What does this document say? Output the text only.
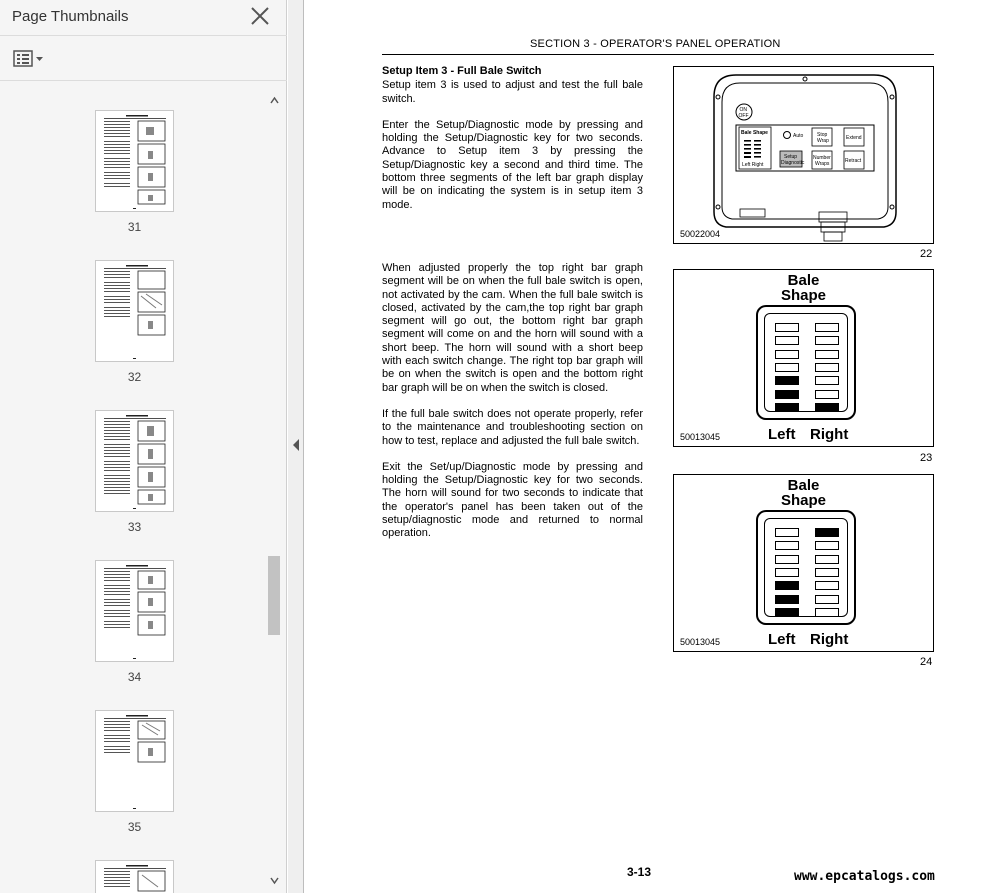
Page Thumbnails
31
32
33
34
35
SECTION 3 - OPERATOR'S PANEL OPERATION
Setup Item 3 - Full Bale Switch

Setup item 3 is used to adjust and test the full bale switch.

Enter the Setup/Diagnostic mode by pressing and holding the Setup/Diagnostic key for two seconds. Advance to Setup item 3 by pressing the Setup/Diagnostic key a second and third time. The bottom three segments of the left bar graph display will be on indicating the system is in setup item 3 mode.

When adjusted properly the top right bar graph segment will be on when the full bale switch is open, not activated by the cam. When the full bale switch is closed, activated by the cam,the top right bar graph segment will go out, the bottom right bar graph segment will come on and the horn will sound with a short beep. The horn will sound with a short beep with each switch change. The right top bar graph will be on when the switch is open and the bottom right bar graph will be on when the switch is closed.

If the full bale switch does not operate properly, refer to the maintenance and troubleshooting section on how to test, replace and adjusted the full bale switch.

Exit the Set/up/Diagnostic mode by pressing and holding the Setup/Diagnostic key for two seconds. The horn will sound for two seconds to indicate that the operator's panel has been taken out of the setup/diagnostic mode and returned to normal operation.

ON
OFF
Bale Shape
Left Right
Auto	Stop
Wrap	Extend
Setup
Diagnostic
Number
Wraps	Retract
50022004
22
Bale
Shape
Left Right
50013045
23
Bale
Shape
Left Right
50013045
24
3-13	www.epcatalogs.com
